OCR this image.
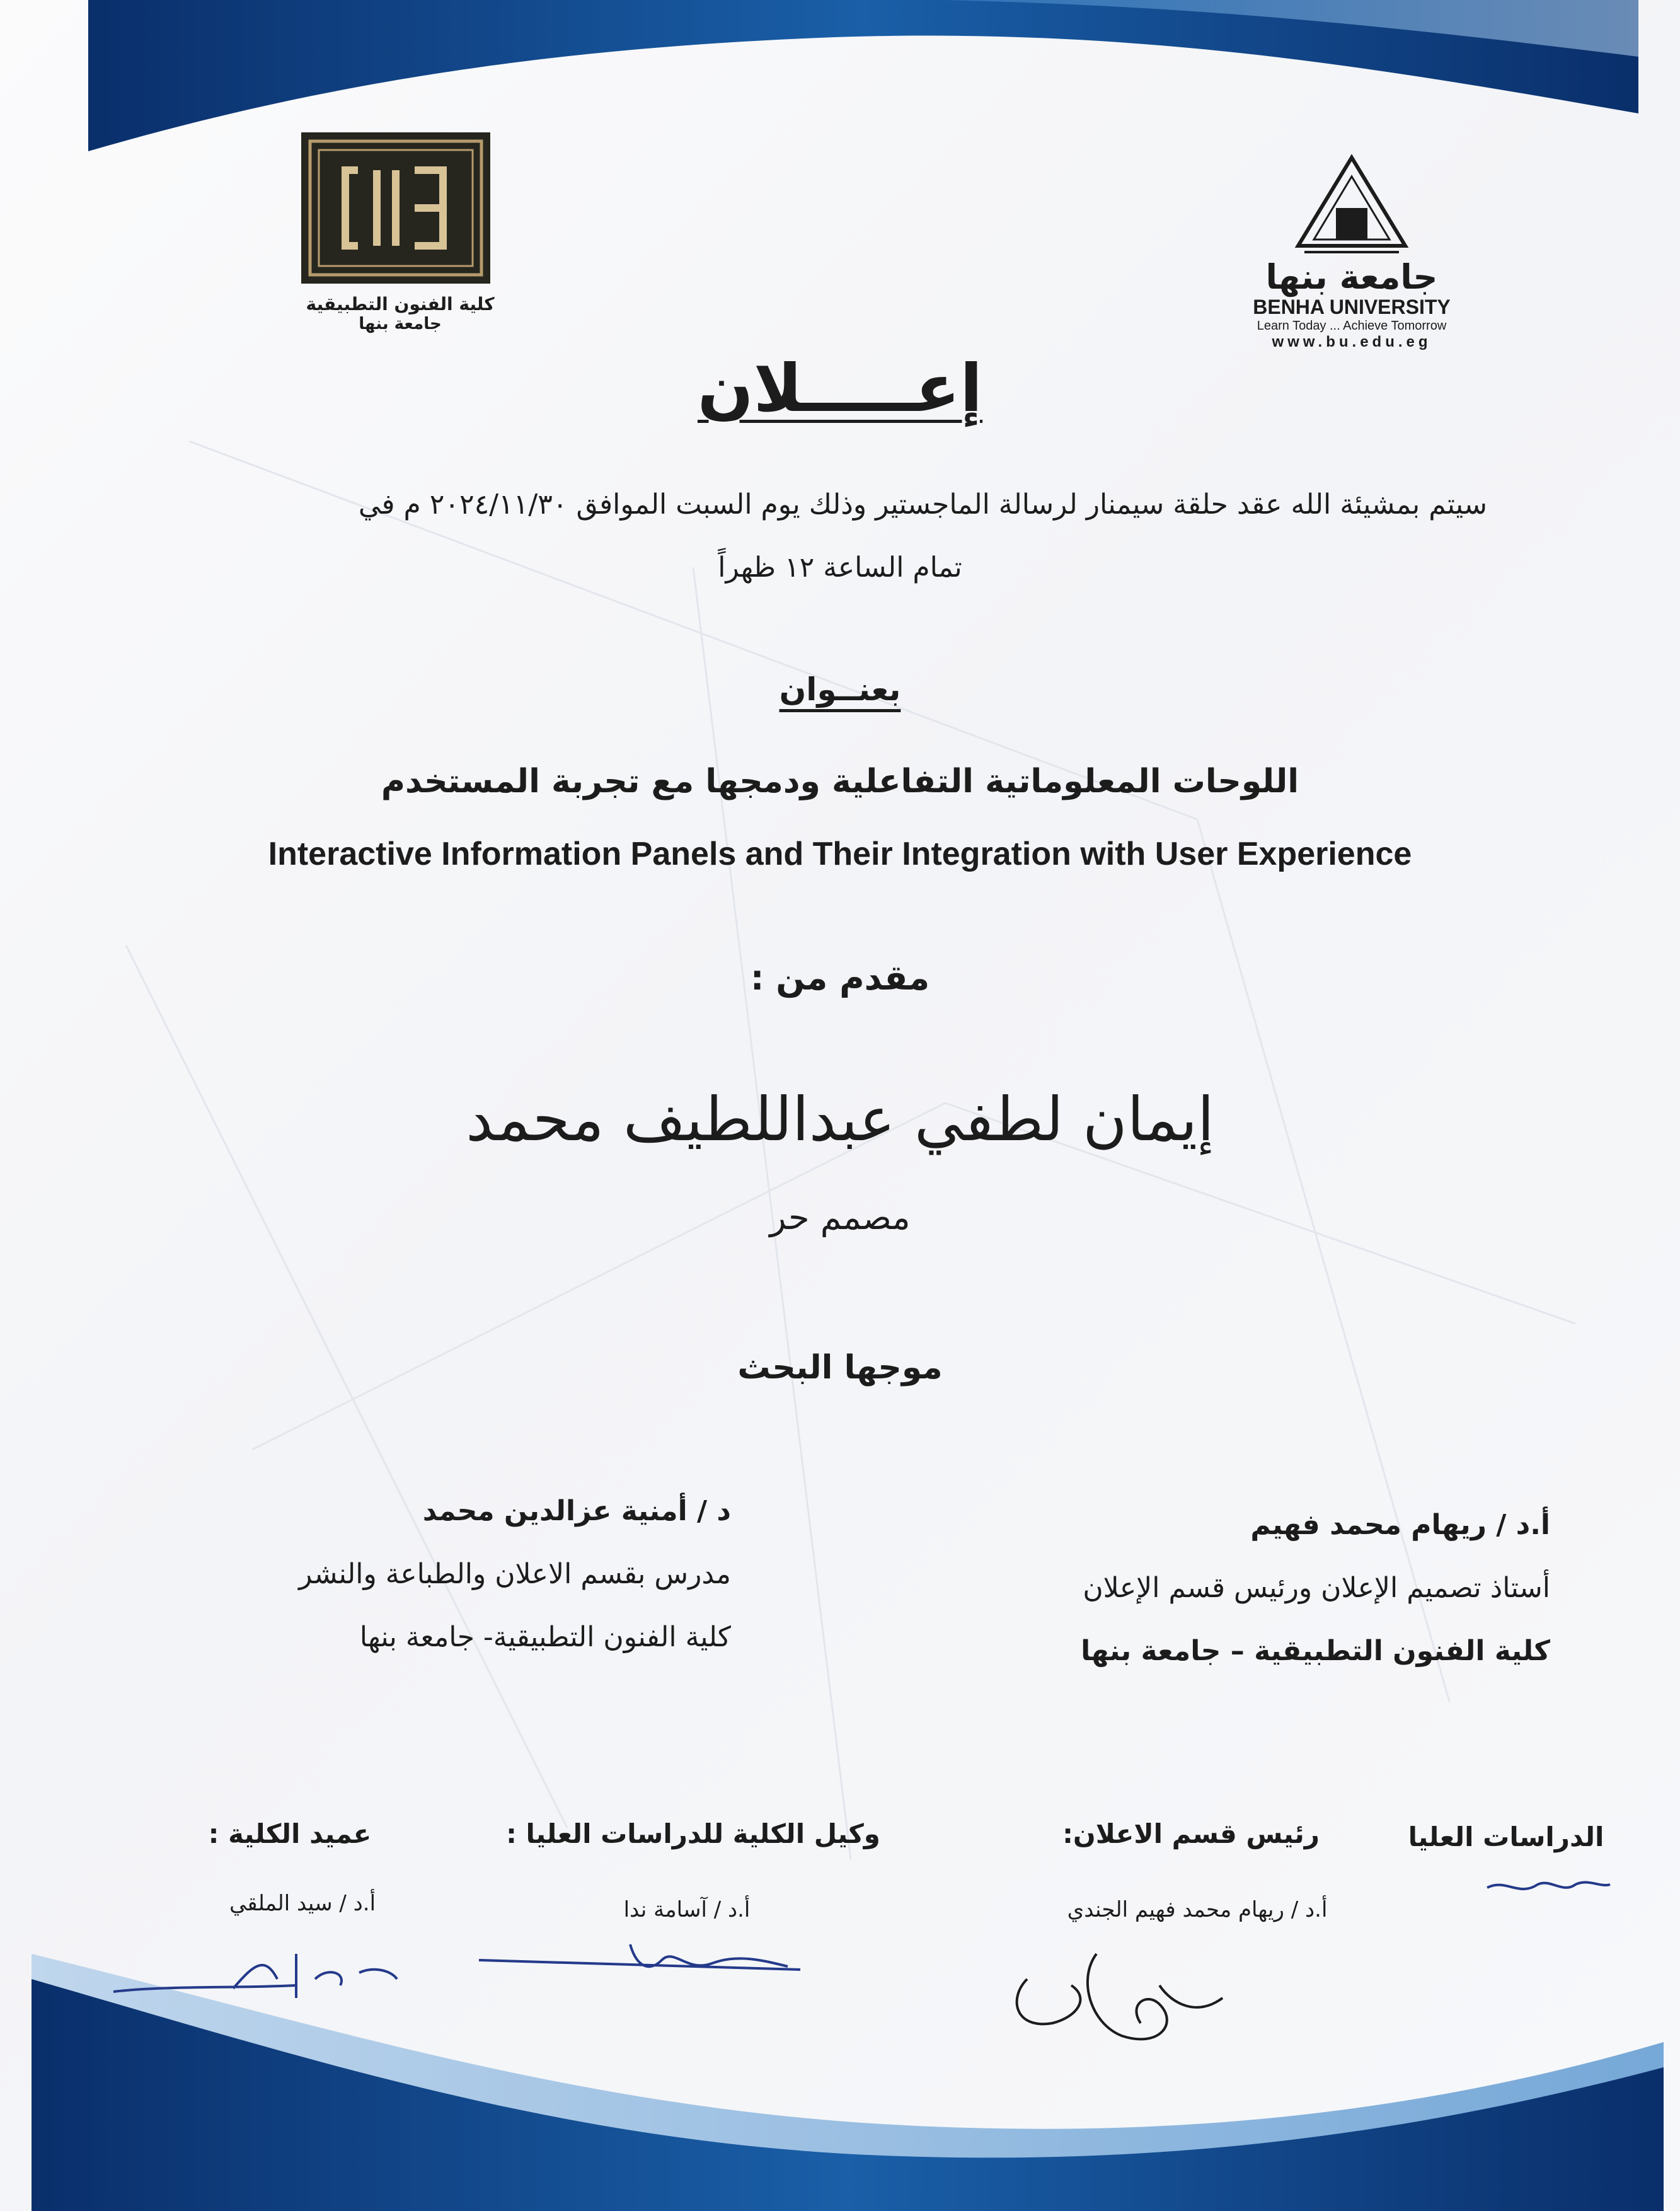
كلية الفنون التطبيقية
جامعة بنها
جامعة بنها
BENHA UNIVERSITY
Learn Today ... Achieve Tomorrow
www.bu.edu.eg
إعـــــلان
سيتم بمشيئة الله عقد حلقة سيمنار لرسالة الماجستير وذلك يوم السبت الموافق ٢٠٢٤/١١/٣٠ م في
تمام الساعة ١٢ ظهراً
بعنــوان
اللوحات المعلوماتية التفاعلية ودمجها مع تجربة المستخدم
Interactive Information Panels and Their Integration with User Experience
مقدم من :
إيمان لطفي عبداللطيف محمد
مصمم حر
موجها البحث
أ.د / ريهام محمد فهيم
أستاذ تصميم الإعلان ورئيس قسم الإعلان
كلية الفنون التطبيقية – جامعة بنها
د / أمنية عزالدين محمد
مدرس بقسم الاعلان والطباعة والنشر
كلية الفنون التطبيقية- جامعة بنها
الدراسات العليا
رئيس قسم الاعلان:
أ.د / ريهام محمد فهيم الجندي
وكيل الكلية للدراسات العليا :
أ.د / آسامة ندا
عميد الكلية :
أ.د / سيد الملقي
